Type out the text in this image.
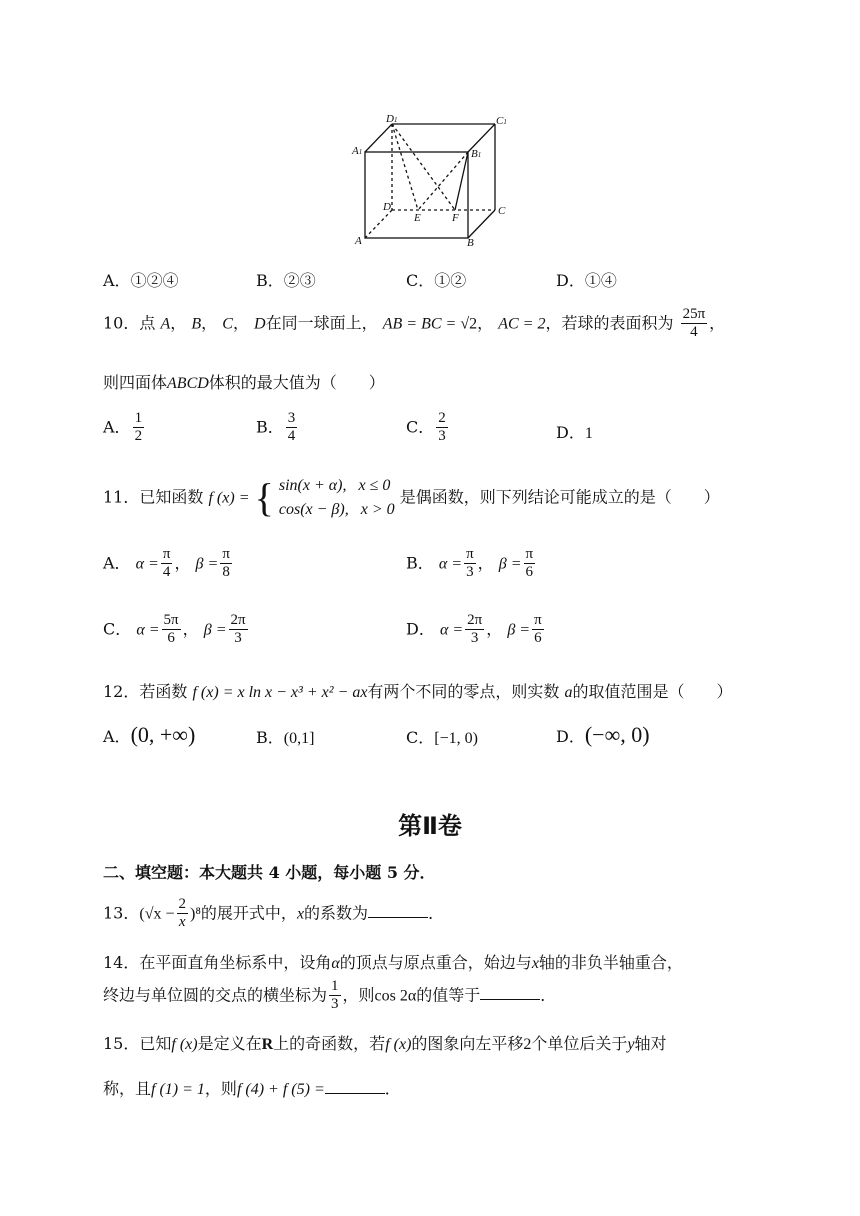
D1	C1
A1	B1
D
E	F
C
A	B
A．①②④	B．②③	C．①②	D．①④
10．点 A， B， C， D在同一球面上， AB = BC = √2， AC = 2，若球的表面积为 $\frac{25\pi}{4}$ ，
则四面体ABCD体积的最大值为（　　）
A． $\frac{1}{2}$	B． $\frac{3}{4}$	C． $\frac{2}{3}$	D．1
11．已知函数 f (x) = { sin(x + α), x ≤ 0
cos(x − β), x > 0
是偶函数，则下列结论可能成立的是（　　）
A． $\alpha = \frac{\pi}{4}$ ， $\beta = \frac{\pi}{8}$	B． $\alpha = \frac{\pi}{3}$ ， $\beta = \frac{\pi}{6}$
C． $\alpha = \frac{5\pi}{6}$ ， $\beta = \frac{2\pi}{3}$	D． $\alpha = \frac{2\pi}{3}$ ， $\beta = \frac{\pi}{6}$
12．若函数 f (x) = x ln x − x³ + x² − ax有两个不同的零点，则实数 a的取值范围是（　　）
A．(0, +∞)	B．(0,1]	C．[−1, 0)	D．(−∞, 0)
第Ⅱ卷
二、填空题：本大题共 4 小题，每小题 5 分．
13．$(√x - \frac{2}{x} )^8$的展开式中，x的系数为	．
14．在平面直角坐标系中，设角α的顶点与原点重合，始边与x轴的非负半轴重合，
终边与单位圆的交点的横坐标为 $\frac{1}{3}$ ，则cos 2α的值等于	．
15．已知f (x)是定义在R上的奇函数，若f (x)的图象向左平移2个单位后关于y轴对
称，且f (1) = 1，则f (4) + f (5) =	．
